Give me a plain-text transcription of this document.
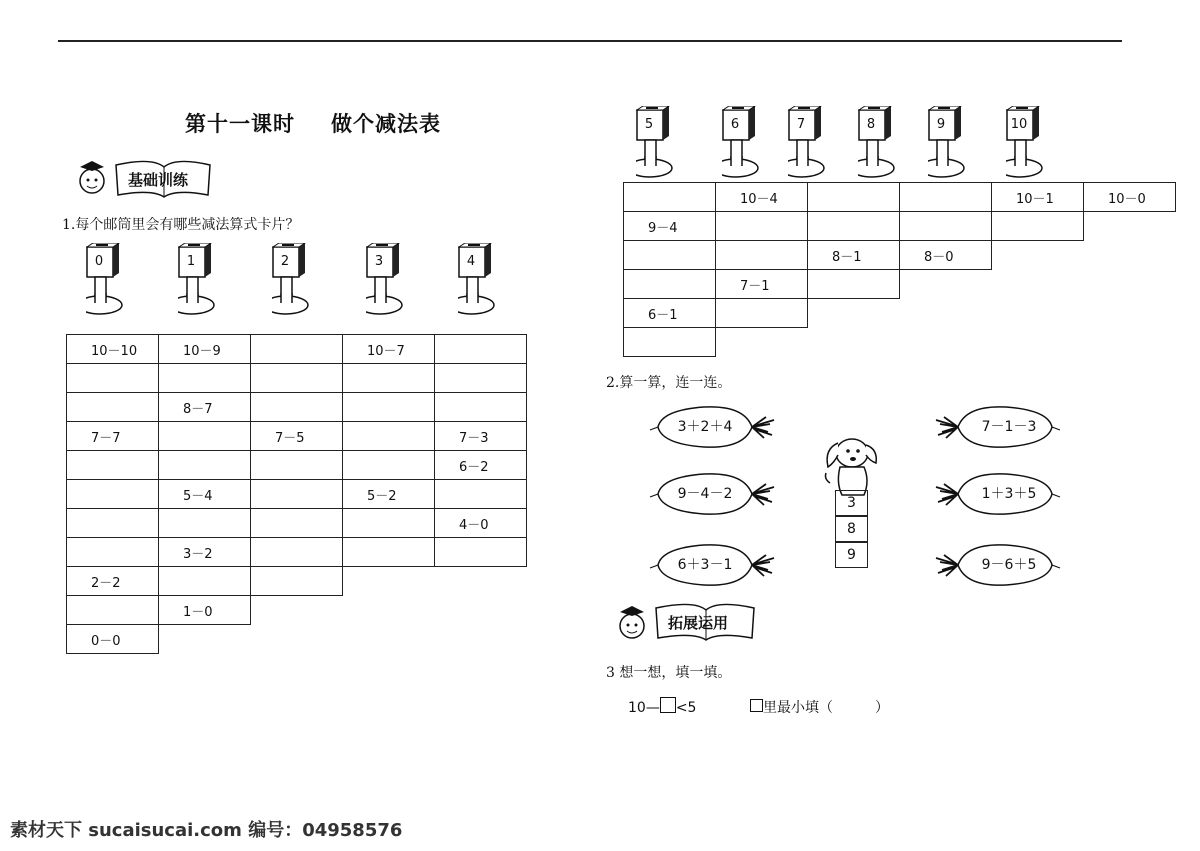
第十一课时 做个减法表
基础训练
1.每个邮筒里会有哪些减法算式卡片？
0	1	2	3	4
10－10	10－9		10－7	

	8－7			
7－7		7－5		7－3
				6－2
	5－4		5－2	
				4－0
	3－2			
2－2				
	1－0			
0－0				
5	6	7	8	9	10
	10－4			10－1	10－0
9－4					
		8－1	8－0		
	7－1				
6－1					

2.算一算，连一连。
3＋2＋4
9－4－2
6＋3－1
7－1－3
1＋3＋5
9－6＋5
3
8
9
拓展运用
3 想一想，填一填。
10— <5	里最小填（　　　）
素材天下 sucaisucai.com 编号：04958576
